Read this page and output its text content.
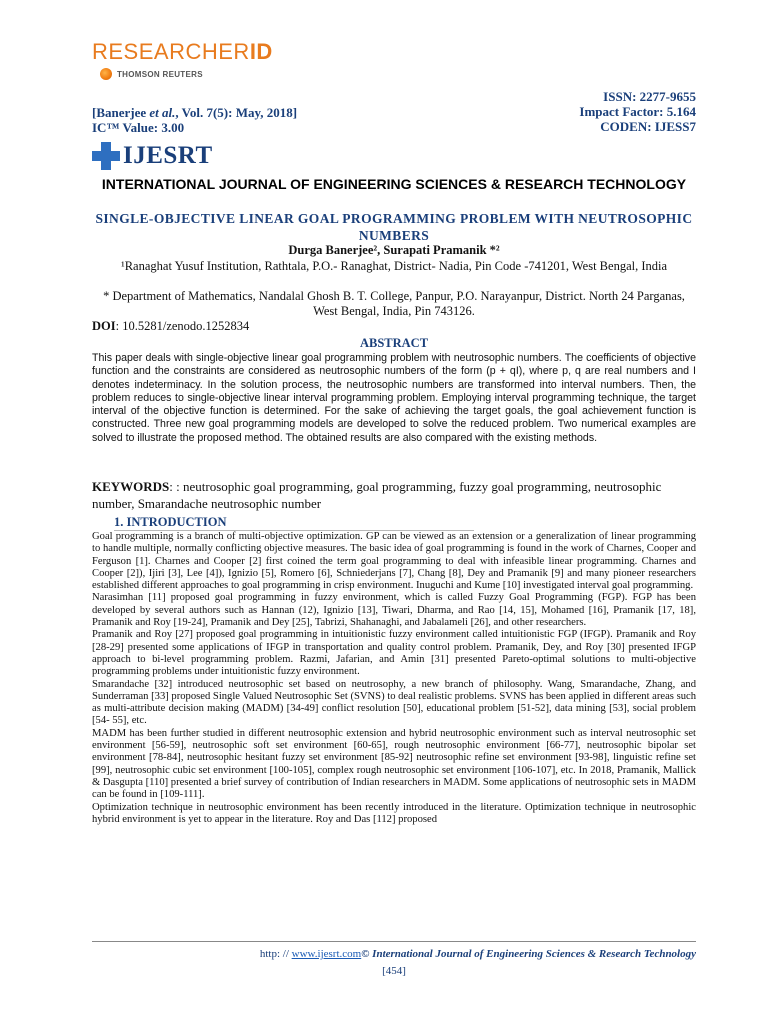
RESEARCHERID
THOMSON REUTERS
ISSN: 2277-9655
Impact Factor: 5.164
CODEN: IJESS7
[Banerjee et al., Vol. 7(5): May, 2018]
IC™ Value: 3.00
IJESRT
INTERNATIONAL JOURNAL OF ENGINEERING SCIENCES & RESEARCH TECHNOLOGY
SINGLE-OBJECTIVE LINEAR GOAL PROGRAMMING PROBLEM WITH NEUTROSOPHIC NUMBERS
Durga Banerjee², Surapati Pramanik *²
¹Ranaghat Yusuf Institution, Rathtala, P.O.- Ranaghat, District- Nadia, Pin Code -741201, West Bengal, India
* Department of Mathematics, Nandalal Ghosh B. T. College, Panpur, P.O. Narayanpur, District. North 24 Parganas, West Bengal, India, Pin 743126.
DOI: 10.5281/zenodo.1252834
ABSTRACT
This paper deals with single-objective linear goal programming problem with neutrosophic numbers. The coefficients of objective function and the constraints are considered as neutrosophic numbers of the form (p + qI), where p, q are real numbers and I denotes indeterminacy. In the solution process, the neutrosophic numbers are transformed into interval numbers. Then, the problem reduces to single-objective linear interval programming problem. Employing interval programming technique, the target interval of the objective function is determined. For the sake of achieving the target goals, the goal achievement function is constructed. Three new goal programming models are developed to solve the reduced problem. Two numerical examples are solved to illustrate the proposed method. The obtained results are also compared with the existing methods.
KEYWORDS: : neutrosophic goal programming, goal programming, fuzzy goal programming, neutrosophic number, Smarandache neutrosophic number
1. INTRODUCTION

Goal programming is a branch of multi-objective optimization. GP can be viewed as an extension or a generalization of linear programming to handle multiple, normally conflicting objective measures. The basic idea of goal programming is found in the work of Charnes, Cooper and Ferguson [1]. Charnes and Cooper [2] first coined the term goal programming to deal with infeasible linear programming. Charnes and Cooper [2]), Ijiri [3], Lee [4]), Ignizio [5], Romero [6], Schniederjans [7], Chang [8], Dey and Pramanik [9] and many pioneer researchers established different approaches to goal programming in crisp environment. Inuguchi and Kume [10] investigated interval goal programming.

Narasimhan [11] proposed goal programming in fuzzy environment, which is called Fuzzy Goal Programming (FGP). FGP has been developed by several authors such as Hannan (12), Ignizio [13], Tiwari, Dharma, and Rao [14, 15], Mohamed [16], Pramanik [17, 18], Pramanik and Roy [19-24], Pramanik and Dey [25], Tabrizi, Shahanaghi, and Jabalameli [26], and other researchers.

Pramanik and Roy [27] proposed goal programming in intuitionistic fuzzy environment called intuitionistic FGP (IFGP). Pramanik and Roy [28-29] presented some applications of IFGP in transportation and quality control problem. Pramanik, Dey, and Roy [30] presented IFGP approach to bi-level programming problem. Razmi, Jafarian, and Amin [31] presented Pareto-optimal solutions to multi-objective programming problems under intuitionistic fuzzy environment.

Smarandache [32] introduced neutrosophic set based on neutrosophy, a new branch of philosophy. Wang, Smarandache, Zhang, and Sunderraman [33] proposed Single Valued Neutrosophic Set (SVNS) to deal realistic problems. SVNS has been applied in different areas such as multi-attribute decision making (MADM) [34-49] conflict resolution [50], educational problem [51-52], data mining [53], social problem [54- 55], etc.

MADM has been further studied in different neutrosophic extension and hybrid neutrosophic environment such as interval neutrosophic set environment [56-59], neutrosophic soft set environment [60-65], rough neutrosophic environment [66-77], neutrosophic bipolar set environment [78-84], neutrosophic hesitant fuzzy set environment [85-92] neutrosophic refine set environment [93-98], linguistic refine set [99], neutrosophic cubic set environment [100-105], complex rough neutrosophic set environment [106-107], etc. In 2018, Pramanik, Mallick & Dasgupta [110] presented a brief survey of contribution of Indian researchers in MADM. Some applications of neutrosophic sets in MADM can be found in [109-111].

Optimization technique in neutrosophic environment has been recently introduced in the literature. Optimization technique in neutrosophic hybrid environment is yet to appear in the literature. Roy and Das [112] proposed

http: // www.ijesrt.com© International Journal of Engineering Sciences & Research Technology
[454]
